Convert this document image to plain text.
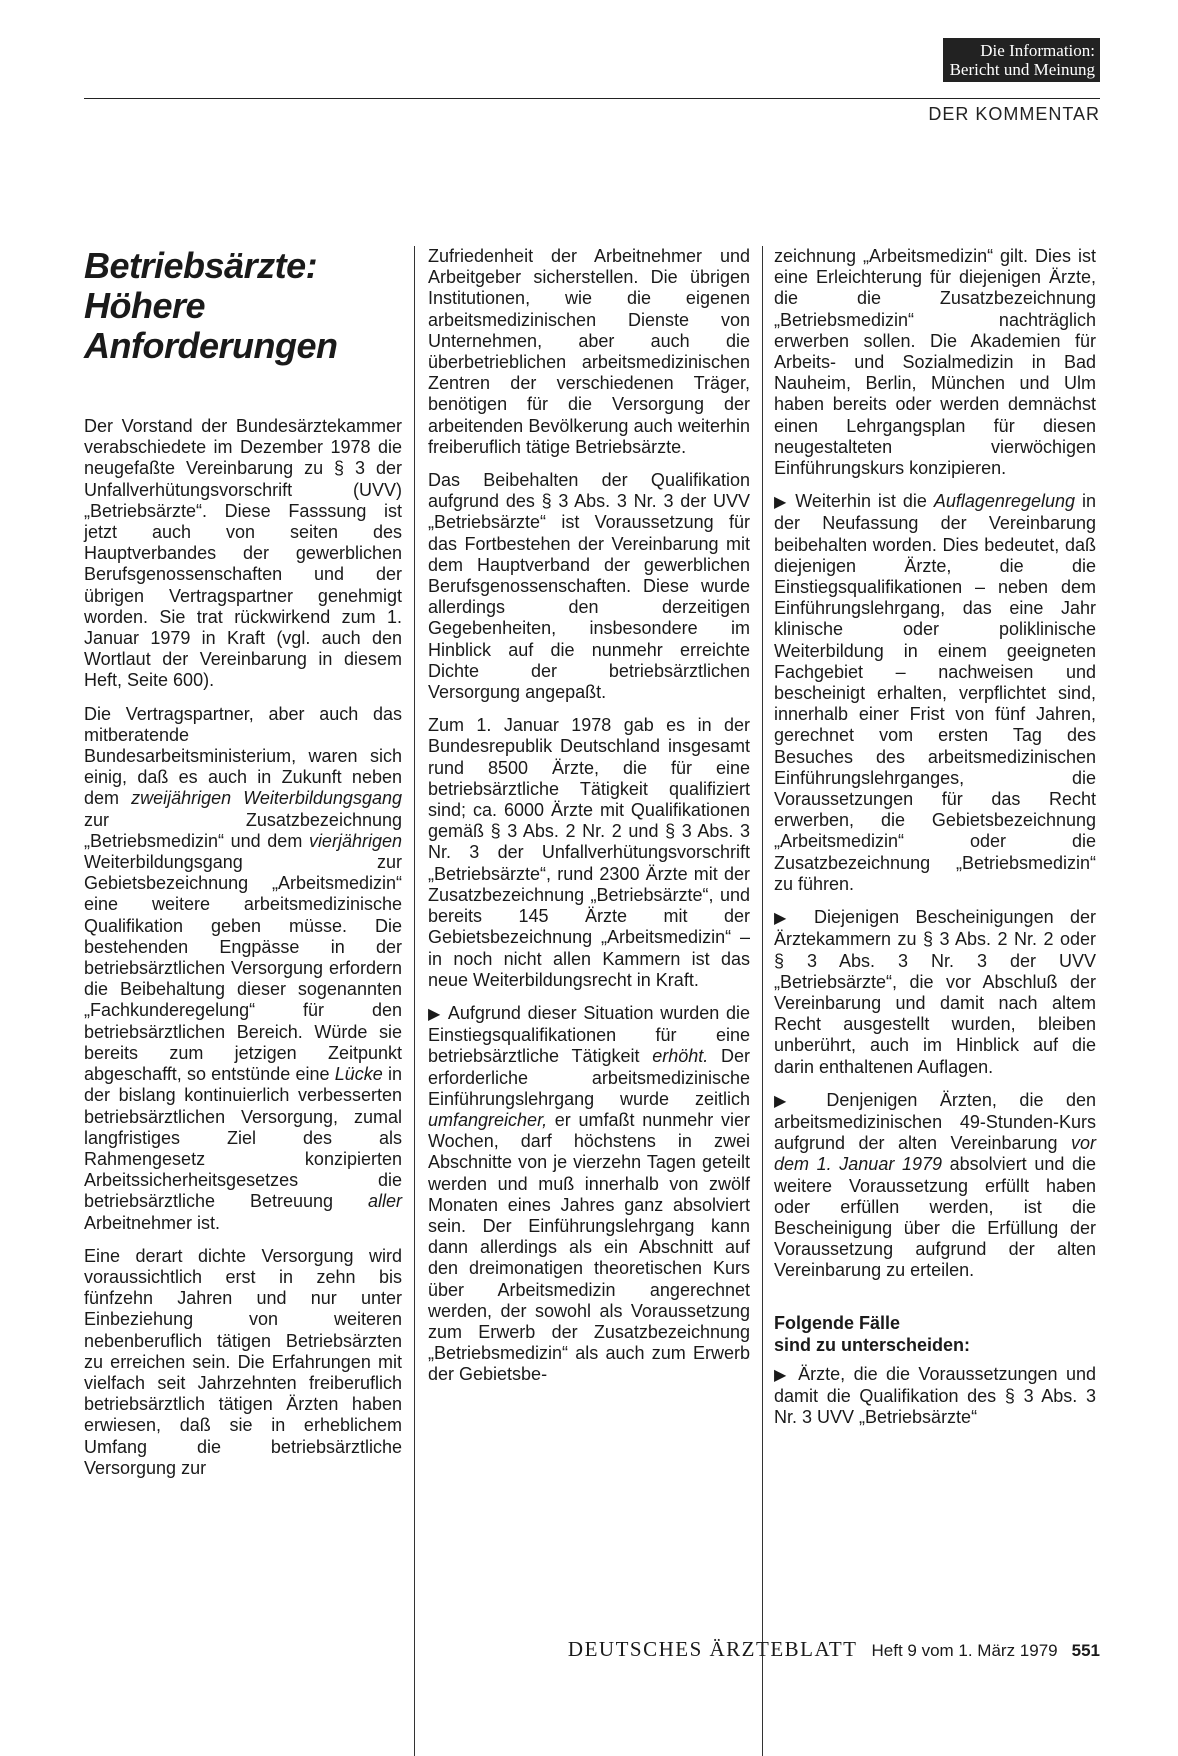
Die Information:
Bericht und Meinung
DER KOMMENTAR
Betriebsärzte:
Höhere
Anforderungen

Der Vorstand der Bundesärztekammer verabschiedete im Dezember 1978 die neugefaßte Vereinbarung zu § 3 der Unfallverhütungsvorschrift (UVV) „Betriebsärzte“. Diese Fasssung ist jetzt auch von seiten des Hauptverbandes der gewerblichen Berufsgenossenschaften und der übrigen Vertragspartner genehmigt worden. Sie trat rückwirkend zum 1. Januar 1979 in Kraft (vgl. auch den Wortlaut der Vereinbarung in diesem Heft, Seite 600).

Die Vertragspartner, aber auch das mitberatende Bundesarbeitsministerium, waren sich einig, daß es auch in Zukunft neben dem zweijährigen Weiterbildungsgang zur Zusatzbezeichnung „Betriebsmedizin“ und dem vierjährigen Weiterbildungsgang zur Gebietsbezeichnung „Arbeitsmedizin“ eine weitere arbeitsmedizinische Qualifikation geben müsse. Die bestehenden Engpässe in der betriebsärztlichen Versorgung erfordern die Beibehaltung dieser sogenannten „Fachkunderegelung“ für den betriebsärztlichen Bereich. Würde sie bereits zum jetzigen Zeitpunkt abgeschafft, so entstünde eine Lücke in der bislang kontinuierlich verbesserten betriebsärztlichen Versorgung, zumal langfristiges Ziel des als Rahmengesetz konzipierten Arbeitssicherheitsgesetzes die betriebsärztliche Betreuung aller Arbeitnehmer ist.

Eine derart dichte Versorgung wird voraussichtlich erst in zehn bis fünfzehn Jahren und nur unter Einbeziehung von weiteren nebenberuflich tätigen Betriebsärzten zu erreichen sein. Die Erfahrungen mit vielfach seit Jahrzehnten freiberuflich betriebsärztlich tätigen Ärzten haben erwiesen, daß sie in erheblichem Umfang die betriebsärztliche Versorgung zur

Zufriedenheit der Arbeitnehmer und Arbeitgeber sicherstellen. Die übrigen Institutionen, wie die eigenen arbeitsmedizinischen Dienste von Unternehmen, aber auch die überbetrieblichen arbeitsmedizinischen Zentren der verschiedenen Träger, benötigen für die Versorgung der arbeitenden Bevölkerung auch weiterhin freiberuflich tätige Betriebsärzte.

Das Beibehalten der Qualifikation aufgrund des § 3 Abs. 3 Nr. 3 der UVV „Betriebsärzte“ ist Voraussetzung für das Fortbestehen der Vereinbarung mit dem Hauptverband der gewerblichen Berufsgenossenschaften. Diese wurde allerdings den derzeitigen Gegebenheiten, insbesondere im Hinblick auf die nunmehr erreichte Dichte der betriebsärztlichen Versorgung angepaßt.

Zum 1. Januar 1978 gab es in der Bundesrepublik Deutschland insgesamt rund 8500 Ärzte, die für eine betriebsärztliche Tätigkeit qualifiziert sind; ca. 6000 Ärzte mit Qualifikationen gemäß § 3 Abs. 2 Nr. 2 und § 3 Abs. 3 Nr. 3 der Unfallverhütungsvorschrift „Betriebsärzte“, rund 2300 Ärzte mit der Zusatzbezeichnung „Betriebsärzte“, und bereits 145 Ärzte mit der Gebietsbezeichnung „Arbeitsmedizin“ – in noch nicht allen Kammern ist das neue Weiterbildungsrecht in Kraft.

▶ Aufgrund dieser Situation wurden die Einstiegsqualifikationen für eine betriebsärztliche Tätigkeit erhöht. Der erforderliche arbeitsmedizinische Einführungslehrgang wurde zeitlich umfangreicher, er umfaßt nunmehr vier Wochen, darf höchstens in zwei Abschnitte von je vierzehn Tagen geteilt werden und muß innerhalb von zwölf Monaten eines Jahres ganz absolviert sein. Der Einführungslehrgang kann dann allerdings als ein Abschnitt auf den dreimonatigen theoretischen Kurs über Arbeitsmedizin angerechnet werden, der sowohl als Voraussetzung zum Erwerb der Zusatzbezeichnung „Betriebsmedizin“ als auch zum Erwerb der Gebietsbe-

zeichnung „Arbeitsmedizin“ gilt. Dies ist eine Erleichterung für diejenigen Ärzte, die die Zusatzbezeichnung „Betriebsmedizin“ nachträglich erwerben sollen. Die Akademien für Arbeits- und Sozialmedizin in Bad Nauheim, Berlin, München und Ulm haben bereits oder werden demnächst einen Lehrgangsplan für diesen neugestalteten vierwöchigen Einführungskurs konzipieren.

▶ Weiterhin ist die Auflagenregelung in der Neufassung der Vereinbarung beibehalten worden. Dies bedeutet, daß diejenigen Ärzte, die die Einstiegsqualifikationen – neben dem Einführungslehrgang, das eine Jahr klinische oder poliklinische Weiterbildung in einem geeigneten Fachgebiet – nachweisen und bescheinigt erhalten, verpflichtet sind, innerhalb einer Frist von fünf Jahren, gerechnet vom ersten Tag des Besuches des arbeitsmedizinischen Einführungslehrganges, die Voraussetzungen für das Recht erwerben, die Gebietsbezeichnung „Arbeitsmedizin“ oder die Zusatzbezeichnung „Betriebsmedizin“ zu führen.

▶ Diejenigen Bescheinigungen der Ärztekammern zu § 3 Abs. 2 Nr. 2 oder § 3 Abs. 3 Nr. 3 der UVV „Betriebsärzte“, die vor Abschluß der Vereinbarung und damit nach altem Recht ausgestellt wurden, bleiben unberührt, auch im Hinblick auf die darin enthaltenen Auflagen.

▶ Denjenigen Ärzten, die den arbeitsmedizinischen 49-Stunden-Kurs aufgrund der alten Vereinbarung vor dem 1. Januar 1979 absolviert und die weitere Voraussetzung erfüllt haben oder erfüllen werden, ist die Bescheinigung über die Erfüllung der Voraussetzung aufgrund der alten Vereinbarung zu erteilen.

Folgende Fälle
sind zu unterscheiden:

▶ Ärzte, die die Voraussetzungen und damit die Qualifikation des § 3 Abs. 3 Nr. 3 UVV „Betriebsärzte“

DEUTSCHES ÄRZTEBLATT Heft 9 vom 1. März 1979 551
